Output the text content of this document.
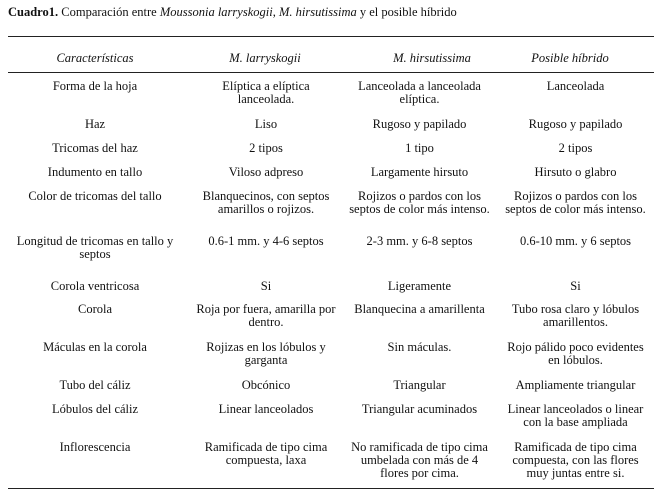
Cuadro1. Comparación entre Moussonia larryskogii, M. hirsutissima y el posible híbrido
Características	M. larryskogii	M. hirsutissima	Posible híbrido
Forma de la hoja	Elíptica a elíptica lanceolada.	Lanceolada a lanceolada elíptica.	Lanceolada
Haz	Liso	Rugoso y papilado	Rugoso y papilado
Tricomas del haz	2 tipos	1 tipo	2 tipos
Indumento en tallo	Viloso adpreso	Largamente hirsuto	Hirsuto o glabro
Color de tricomas del tallo	Blanquecinos, con septos amarillos o rojizos.	Rojizos o pardos con los septos de color más intenso.	Rojizos o pardos con los septos de color más intenso.
Longitud de tricomas en tallo y septos	0.6-1 mm. y 4-6 septos	2-3 mm. y 6-8 septos	0.6-10 mm. y 6 septos
Corola ventricosa	Si	Ligeramente	Si
Corola	Roja por fuera, amarilla por dentro.	Blanquecina a amarillenta	Tubo rosa claro y lóbulos amarillentos.
Máculas en la corola	Rojizas en los lóbulos y garganta	Sin máculas.	Rojo pálido poco evidentes en lóbulos.
Tubo del cáliz	Obcónico	Triangular	Ampliamente triangular
Lóbulos del cáliz	Linear lanceolados	Triangular acuminados	Linear lanceolados o linear con la base ampliada
Inflorescencia	Ramificada de tipo cima compuesta, laxa	No ramificada de tipo cima umbelada con más de 4 flores por cima.	Ramificada de tipo cima compuesta, con las flores muy juntas entre si.
